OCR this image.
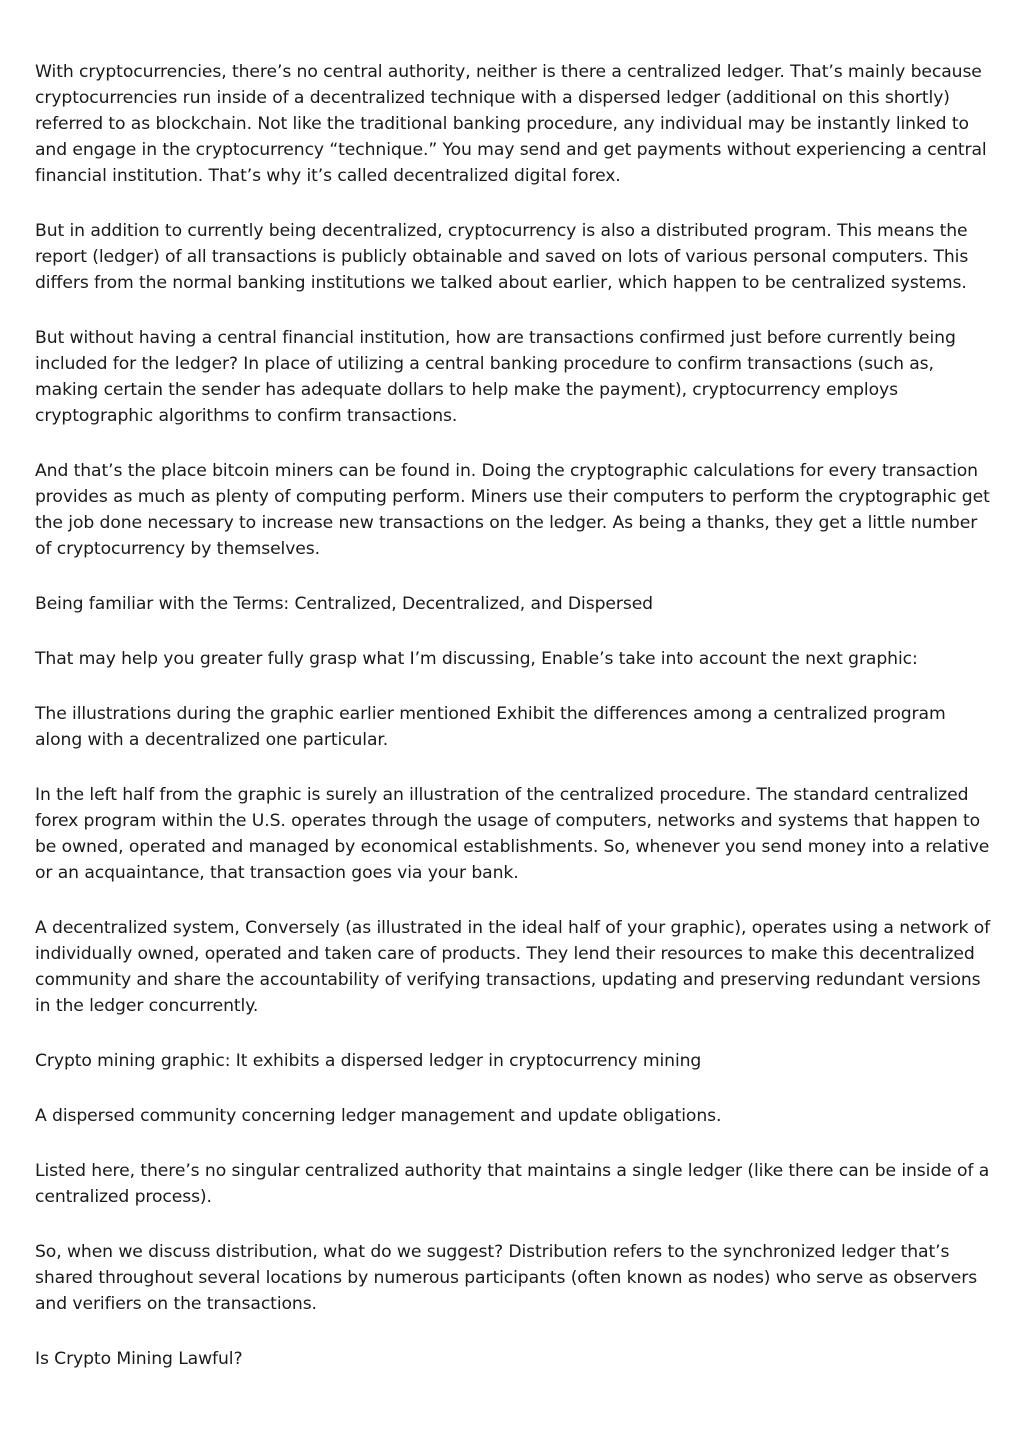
With cryptocurrencies, there’s no central authority, neither is there a centralized ledger. That’s mainly because cryptocurrencies run inside of a decentralized technique with a dispersed ledger (additional on this shortly) referred to as blockchain. Not like the traditional banking procedure, any individual may be instantly linked to and engage in the cryptocurrency “technique.” You may send and get payments without experiencing a central financial institution. That’s why it’s called decentralized digital forex.

But in addition to currently being decentralized, cryptocurrency is also a distributed program. This means the report (ledger) of all transactions is publicly obtainable and saved on lots of various personal computers. This differs from the normal banking institutions we talked about earlier, which happen to be centralized systems.

But without having a central financial institution, how are transactions confirmed just before currently being included for the ledger? In place of utilizing a central banking procedure to confirm transactions (such as, making certain the sender has adequate dollars to help make the payment), cryptocurrency employs cryptographic algorithms to confirm transactions.

And that’s the place bitcoin miners can be found in. Doing the cryptographic calculations for every transaction provides as much as plenty of computing perform. Miners use their computers to perform the cryptographic get the job done necessary to increase new transactions on the ledger. As being a thanks, they get a little number of cryptocurrency by themselves.

Being familiar with the Terms: Centralized, Decentralized, and Dispersed

That may help you greater fully grasp what I’m discussing, Enable’s take into account the next graphic:

The illustrations during the graphic earlier mentioned Exhibit the differences among a centralized program along with a decentralized one particular.

In the left half from the graphic is surely an illustration of the centralized procedure. The standard centralized forex program within the U.S. operates through the usage of computers, networks and systems that happen to be owned, operated and managed by economical establishments. So, whenever you send money into a relative or an acquaintance, that transaction goes via your bank.

A decentralized system, Conversely (as illustrated in the ideal half of your graphic), operates using a network of individually owned, operated and taken care of products. They lend their resources to make this decentralized community and share the accountability of verifying transactions, updating and preserving redundant versions in the ledger concurrently.

Crypto mining graphic: It exhibits a dispersed ledger in cryptocurrency mining

A dispersed community concerning ledger management and update obligations.

Listed here, there’s no singular centralized authority that maintains a single ledger (like there can be inside of a centralized process).

So, when we discuss distribution, what do we suggest? Distribution refers to the synchronized ledger that’s shared throughout several locations by numerous participants (often known as nodes) who serve as observers and verifiers on the transactions.

Is Crypto Mining Lawful?
